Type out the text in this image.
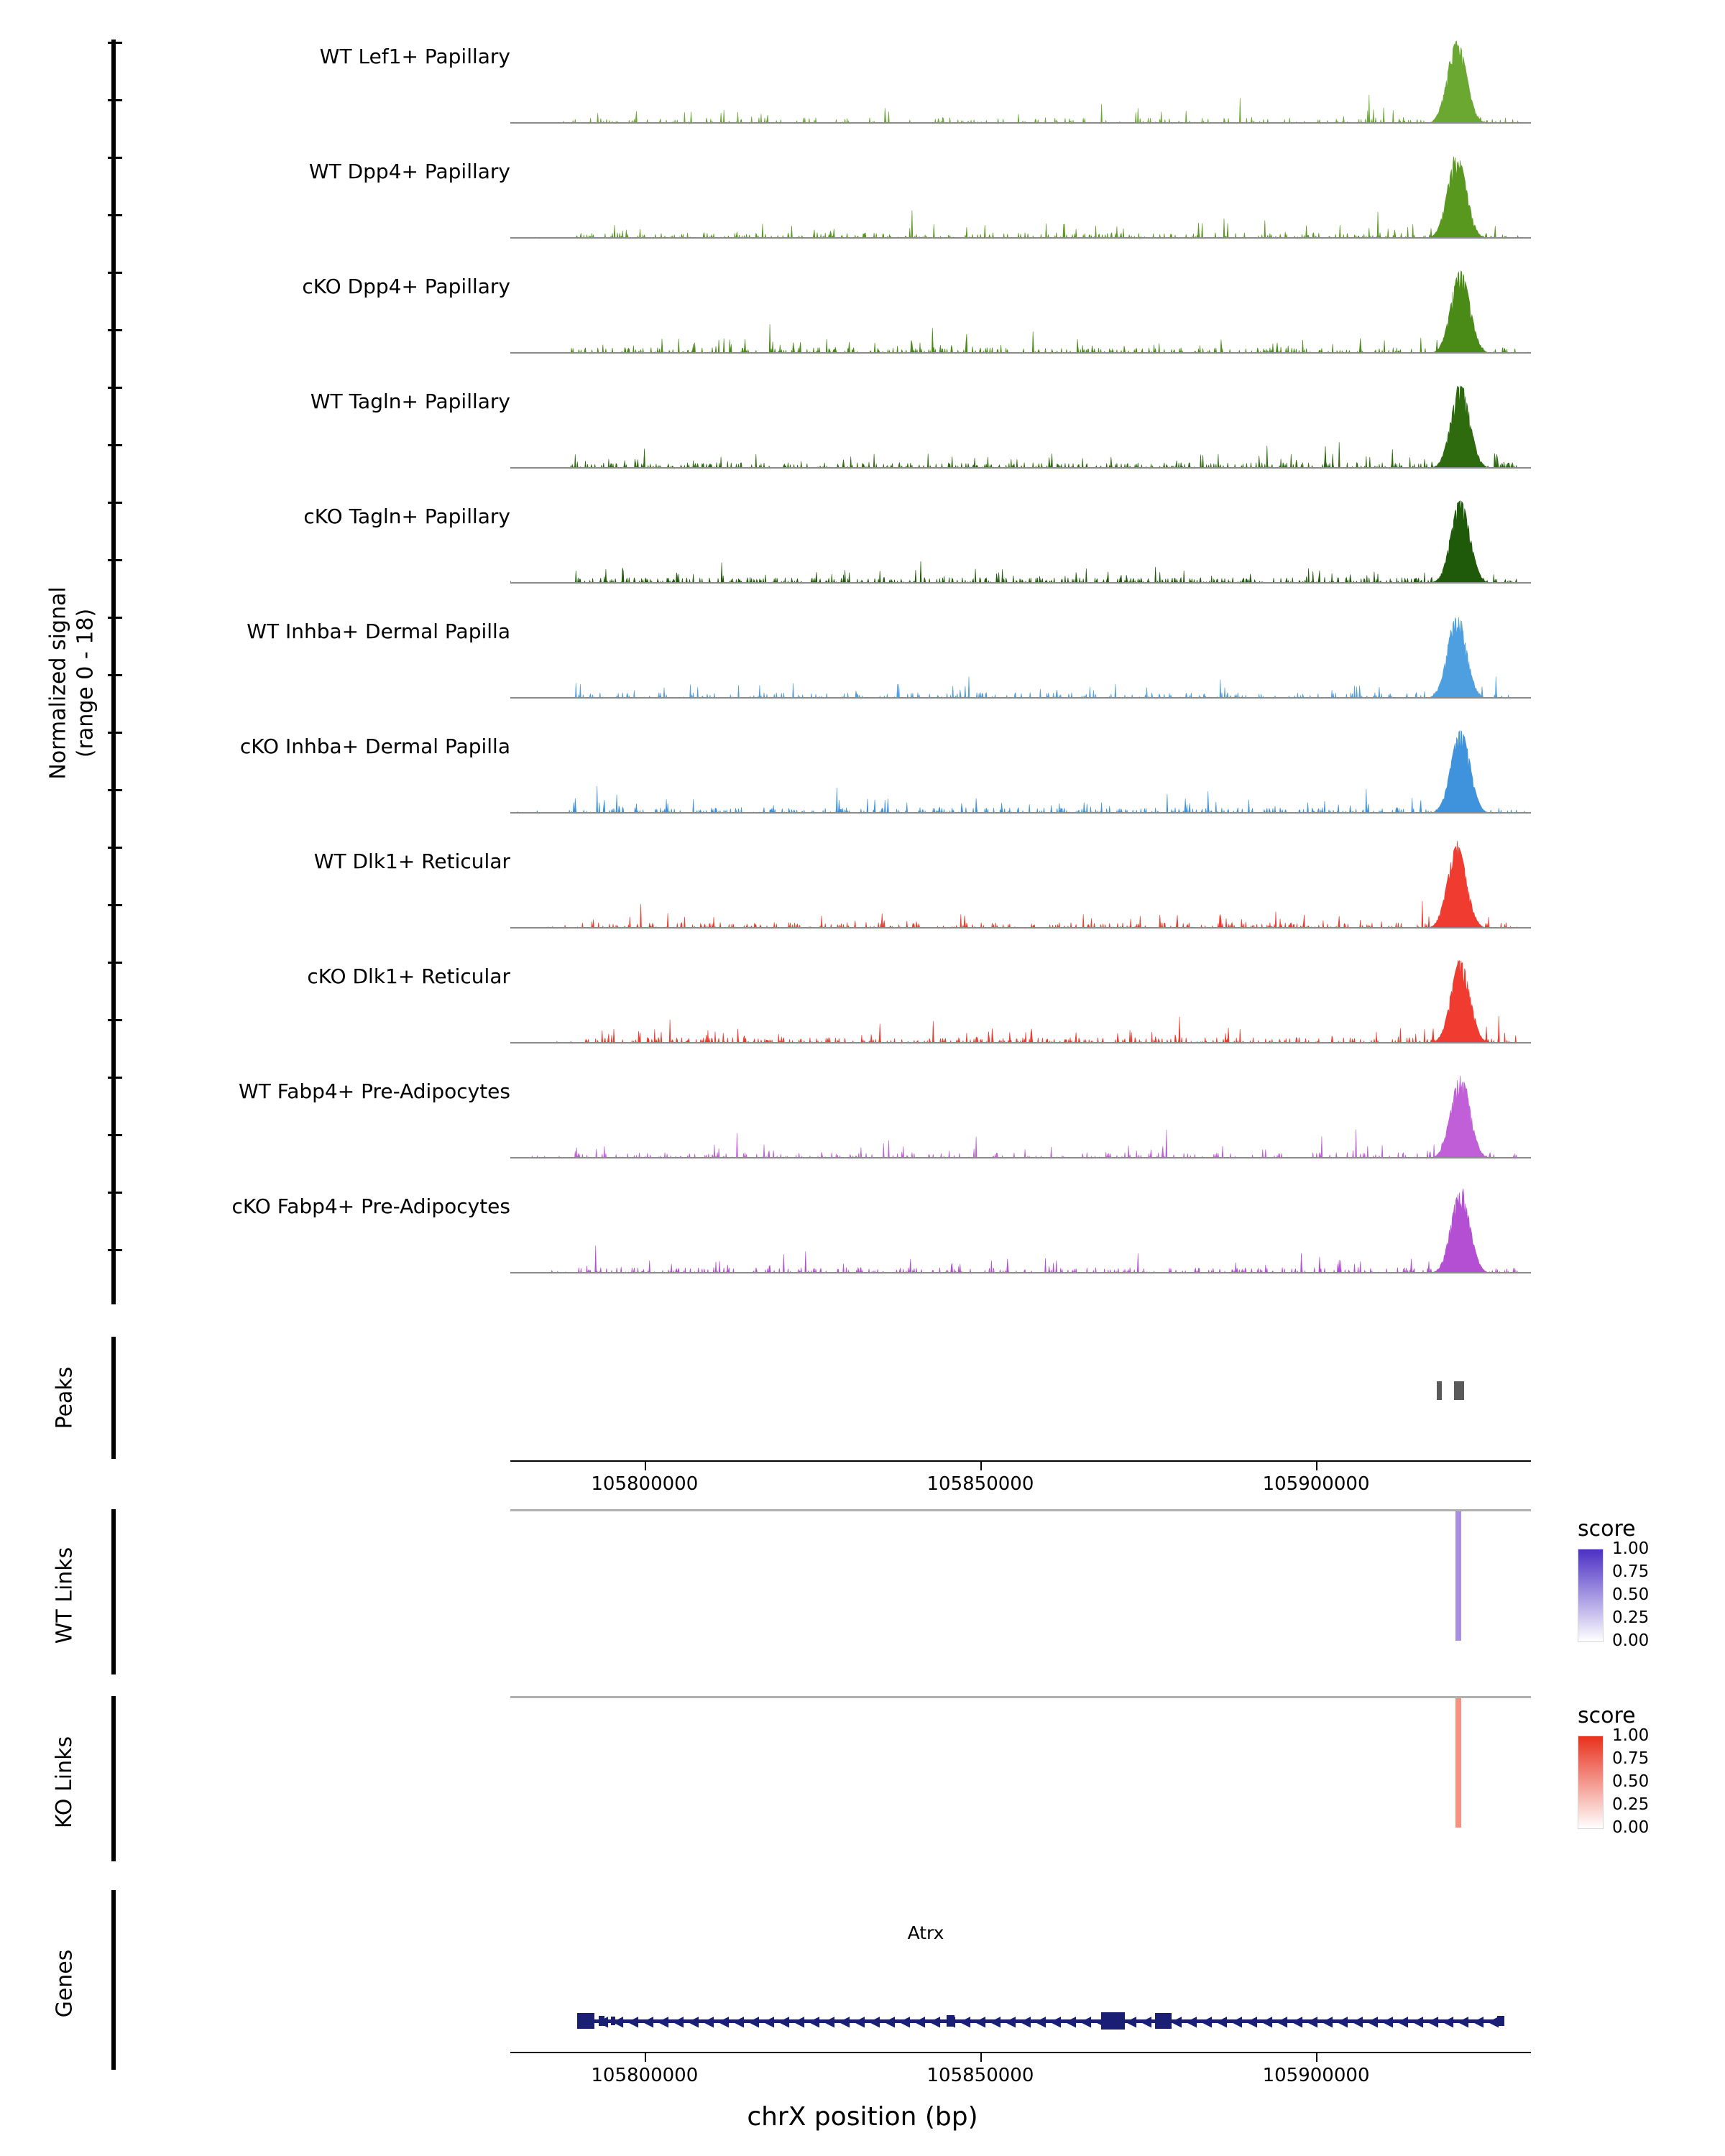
Normalized signal
(range 0 - 18)
WT Lef1+ Papillary
WT Dpp4+ Papillary
cKO Dpp4+ Papillary
WT Tagln+ Papillary
cKO Tagln+ Papillary
WT Inhba+ Dermal Papilla
cKO Inhba+ Dermal Papilla
WT Dlk1+ Reticular
cKO Dlk1+ Reticular
WT Fabp4+ Pre-Adipocytes
cKO Fabp4+ Pre-Adipocytes
Peaks
105800000	105850000	105900000
WT Links
score
1.00
0.75
0.50
0.25
0.00
KO Links
score
1.00
0.75
0.50
0.25
0.00
Genes
◀ ◀ ◀ ◀ ◀ ◀ ◀ ◀ ◀ ◀ ◀ ◀ ◀ ◀ ◀ ◀ ◀ ◀ ◀ ◀ ◀ ◀ ◀ ◀ ◀ ◀ ◀ ◀ ◀ ◀ ◀ ◀ ◀ ◀ ◀ ◀ ◀ ◀ ◀ ◀ ◀ ◀ ◀ ◀ ◀ ◀ ◀ ◀ ◀ ◀ ◀ ◀ ◀ ◀ ◀ ◀ ◀ ◀ ◀ ◀ ◀
Atrx
105800000	105850000	105900000
chrX position (bp)
